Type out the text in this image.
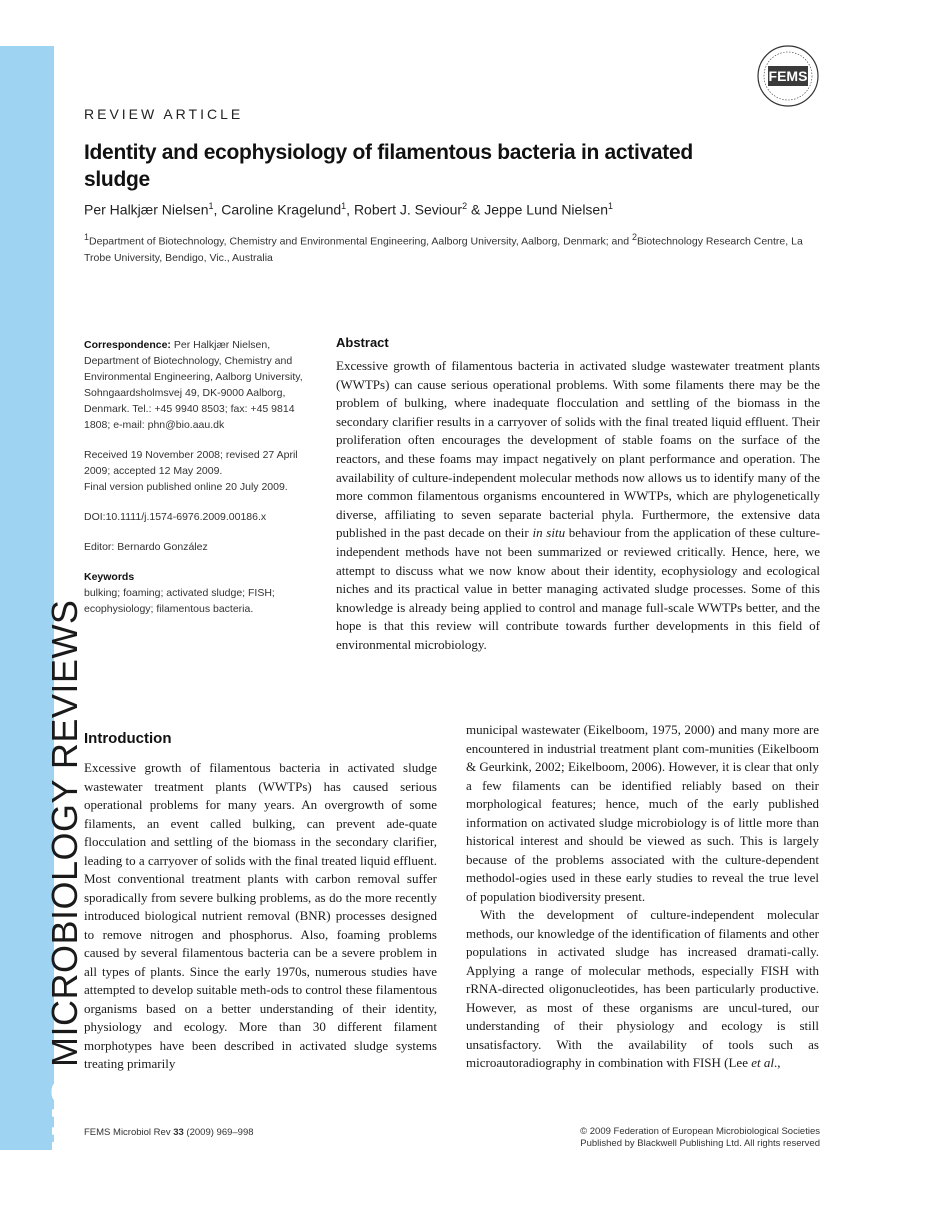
FEMSMICROBIOLOGY REVIEWS
FEMS
REVIEW ARTICLE
Identity and ecophysiology of filamentous bacteria in activated sludge
Per Halkjær Nielsen$^1$, Caroline Kragelund$^1$, Robert J. Seviour$^2$ & Jeppe Lund Nielsen$^1$
$^1$Department of Biotechnology, Chemistry and Environmental Engineering, Aalborg University, Aalborg, Denmark; and $^2$Biotechnology Research Centre, La Trobe University, Bendigo, Vic., Australia

Correspondence: Per Halkjær Nielsen, Department of Biotechnology, Chemistry and Environmental Engineering, Aalborg University, Sohngaardsholmsvej 49, DK-9000 Aalborg, Denmark. Tel.: +45 9940 8503; fax: +45 9814 1808; e-mail: phn@bio.aau.dk

Received 19 November 2008; revised 27 April 2009; accepted 12 May 2009.
Final version published online 20 July 2009.

DOI:10.1111/j.1574-6976.2009.00186.x

Editor: Bernardo González

Keywords
bulking; foaming; activated sludge; FISH; ecophysiology; filamentous bacteria.

Abstract
Excessive growth of filamentous bacteria in activated sludge wastewater treatment plants (WWTPs) can cause serious operational problems. With some filaments there may be the problem of bulking, where inadequate flocculation and settling of the biomass in the secondary clarifier results in a carryover of solids with the final treated liquid effluent. Their proliferation often encourages the development of stable foams on the surface of the reactors, and these foams may impact negatively on plant performance and operation. The availability of culture-independent molecular methods now allows us to identify many of the more common filamentous organisms encountered in WWTPs, which are phylogenetically diverse, affiliating to seven separate bacterial phyla. Furthermore, the extensive data published in the past decade on their in situ behaviour from the application of these culture-independent methods have not been summarized or reviewed critically. Hence, here, we attempt to discuss what we now know about their identity, ecophysiology and ecological niches and its practical value in better managing activated sludge processes. Some of this knowledge is already being applied to control and manage full-scale WWTPs better, and the hope is that this review will contribute towards further developments in this field of environmental microbiology.
Introduction

Excessive growth of filamentous bacteria in activated sludge wastewater treatment plants (WWTPs) has caused serious operational problems for many years. An overgrowth of some filaments, an event called bulking, can prevent ade-quate flocculation and settling of the biomass in the secondary clarifier, leading to a carryover of solids with the final treated liquid effluent. Most conventional treatment plants with carbon removal suffer sporadically from severe bulking problems, as do the more recently introduced biological nutrient removal (BNR) processes designed to remove nitrogen and phosphorus. Also, foaming problems caused by several filamentous bacteria can be a severe problem in all types of plants. Since the early 1970s, numerous studies have attempted to develop suitable meth-ods to control these filamentous organisms based on a better understanding of their identity, physiology and ecology. More than 30 different filament morphotypes have been described in activated sludge systems treating primarily

municipal wastewater (Eikelboom, 1975, 2000) and many more are encountered in industrial treatment plant com-munities (Eikelboom & Geurkink, 2002; Eikelboom, 2006). However, it is clear that only a few filaments can be identified reliably based on their morphological features; hence, much of the early published information on activated sludge microbiology is of little more than historical interest and should be viewed as such. This is largely because of the problems associated with the culture-dependent methodol-ogies used in these early studies to reveal the true level of population biodiversity present.

With the development of culture-independent molecular methods, our knowledge of the identification of filaments and other populations in activated sludge has increased dramati-cally. Applying a range of molecular methods, especially FISH with rRNA-directed oligonucleotides, has been particularly productive. However, as most of these organisms are uncul-tured, our understanding of their physiology and ecology is still unsatisfactory. With the availability of tools such as microautoradiography in combination with FISH (Lee et al.,

FEMS Microbiol Rev 33 (2009) 969–998	© 2009 Federation of European Microbiological Societies
Published by Blackwell Publishing Ltd. All rights reserved
